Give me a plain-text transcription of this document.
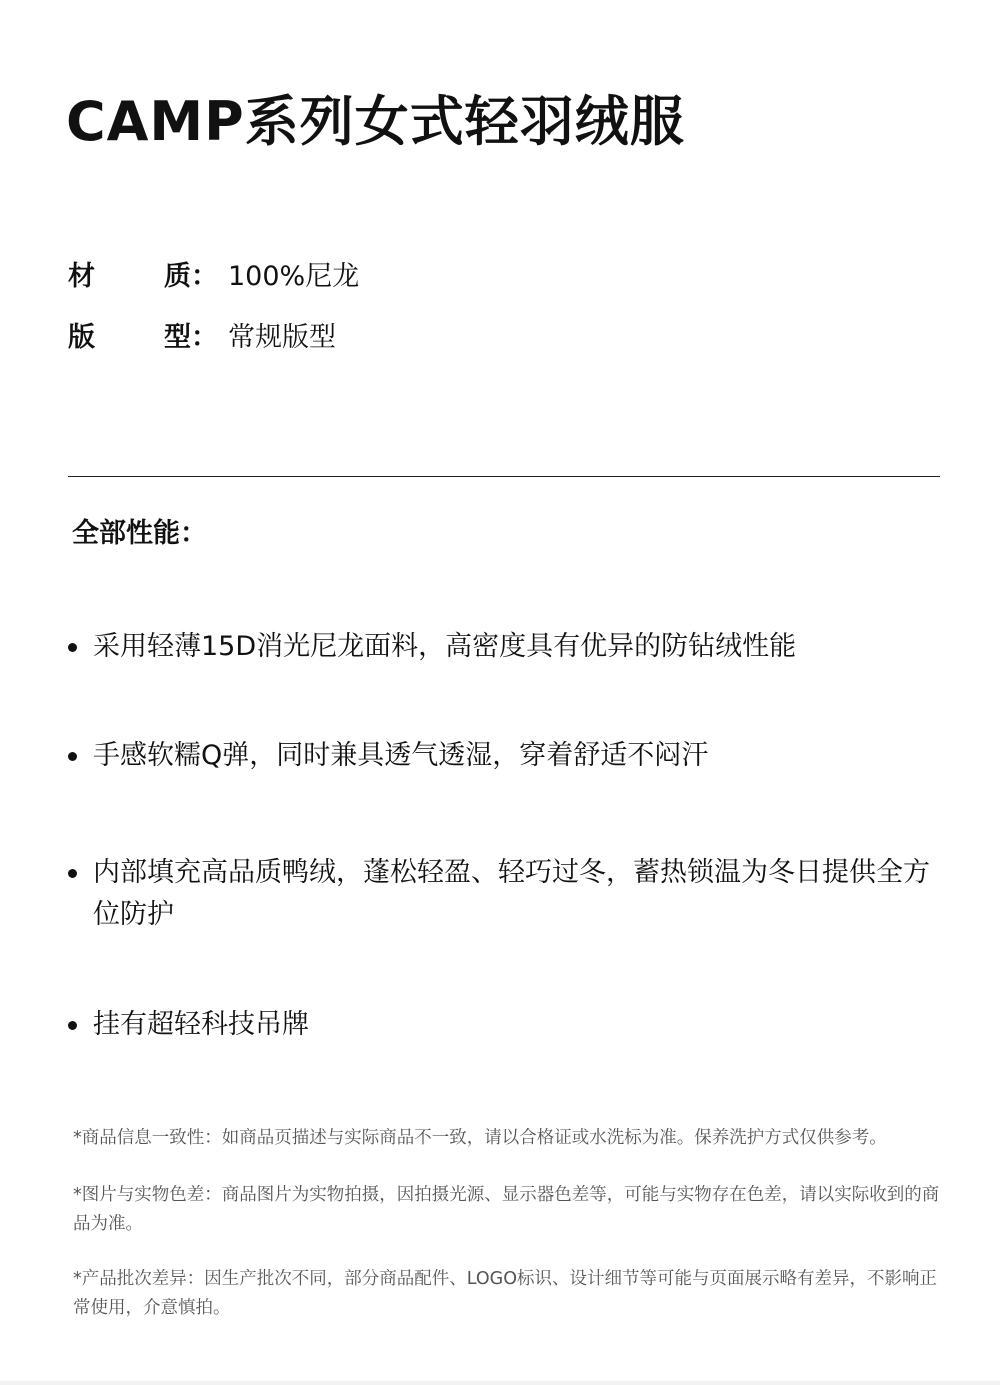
CAMP系列女式轻羽绒服
材	质： 100%尼龙
版	型： 常规版型
全部性能：
采用轻薄15D消光尼龙面料，高密度具有优异的防钻绒性能
手感软糯Q弹，同时兼具透气透湿，穿着舒适不闷汗
内部填充高品质鸭绒，蓬松轻盈、轻巧过冬，蓄热锁温为冬日提供全方位防护
挂有超轻科技吊牌
*商品信息一致性：如商品页描述与实际商品不一致，请以合格证或水洗标为准。保养洗护方式仅供参考。
*图片与实物色差：商品图片为实物拍摄，因拍摄光源、显示器色差等，可能与实物存在色差，请以实际收到的商品为准。
*产品批次差异：因生产批次不同，部分商品配件、LOGO标识、设计细节等可能与页面展示略有差异，不影响正常使用，介意慎拍。
